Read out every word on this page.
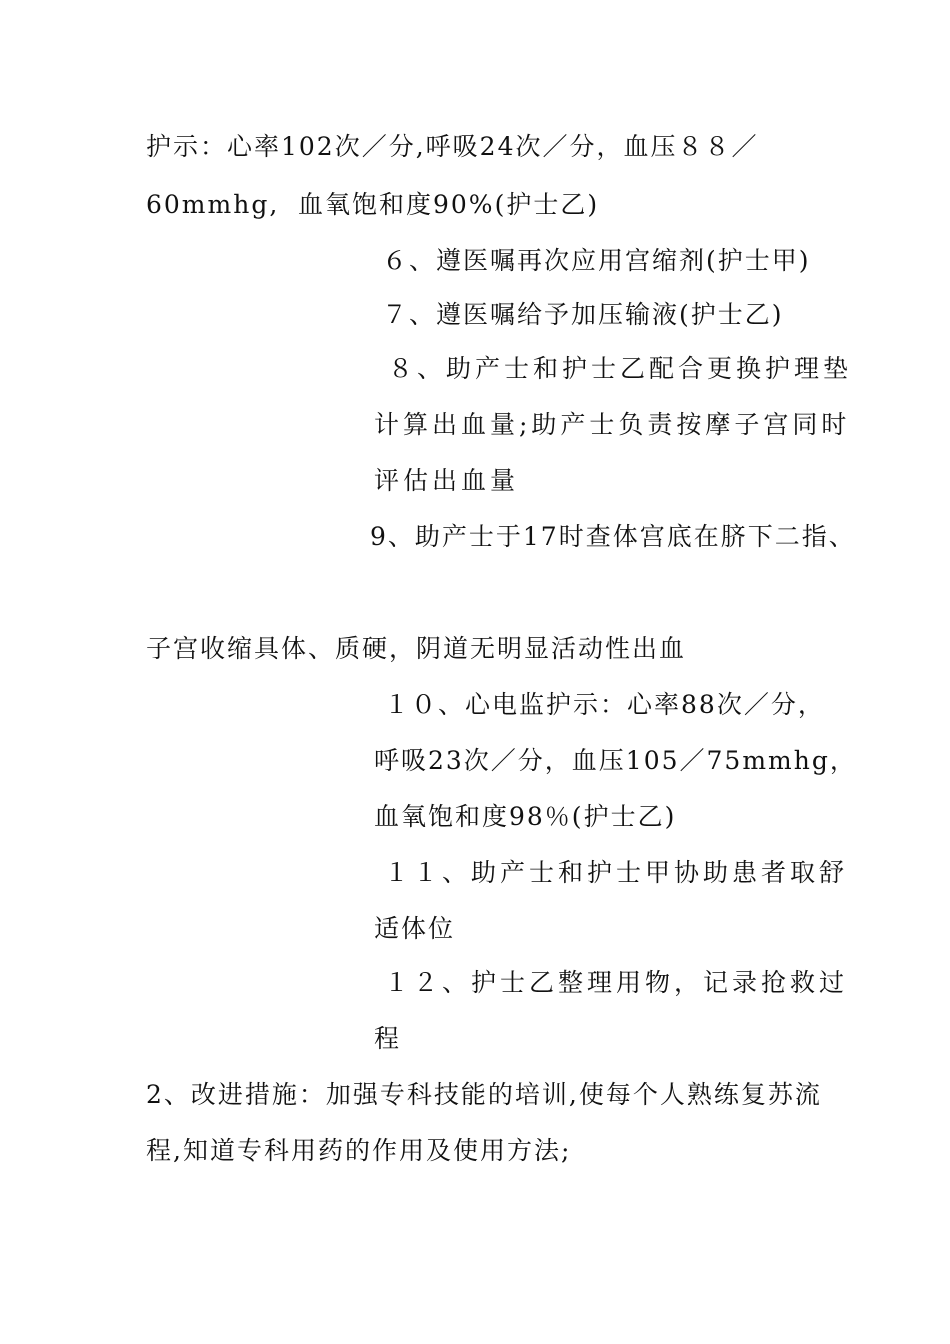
护示：心率102次／分,呼吸24次／分，血压８８／
60mmhg, 血氧饱和度90%(护士乙)
６、遵医嘱再次应用宫缩剂(护士甲)
７、遵医嘱给予加压输液(护士乙)
８、助产士和护士乙配合更换护理垫
计算出血量;助产士负责按摩子宫同时
评估出血量
9、助产士于17时查体宫底在脐下二指、
子宫收缩具体、质硬，阴道无明显活动性出血
１０、心电监护示：心率88次／分，
呼吸23次／分，血压105／75mmhg，
血氧饱和度98％(护士乙)
１１、助产士和护士甲协助患者取舒
适体位
１２、护士乙整理用物，记录抢救过
程
2、改进措施：加强专科技能的培训,使每个人熟练复苏流
程,知道专科用药的作用及使用方法;
